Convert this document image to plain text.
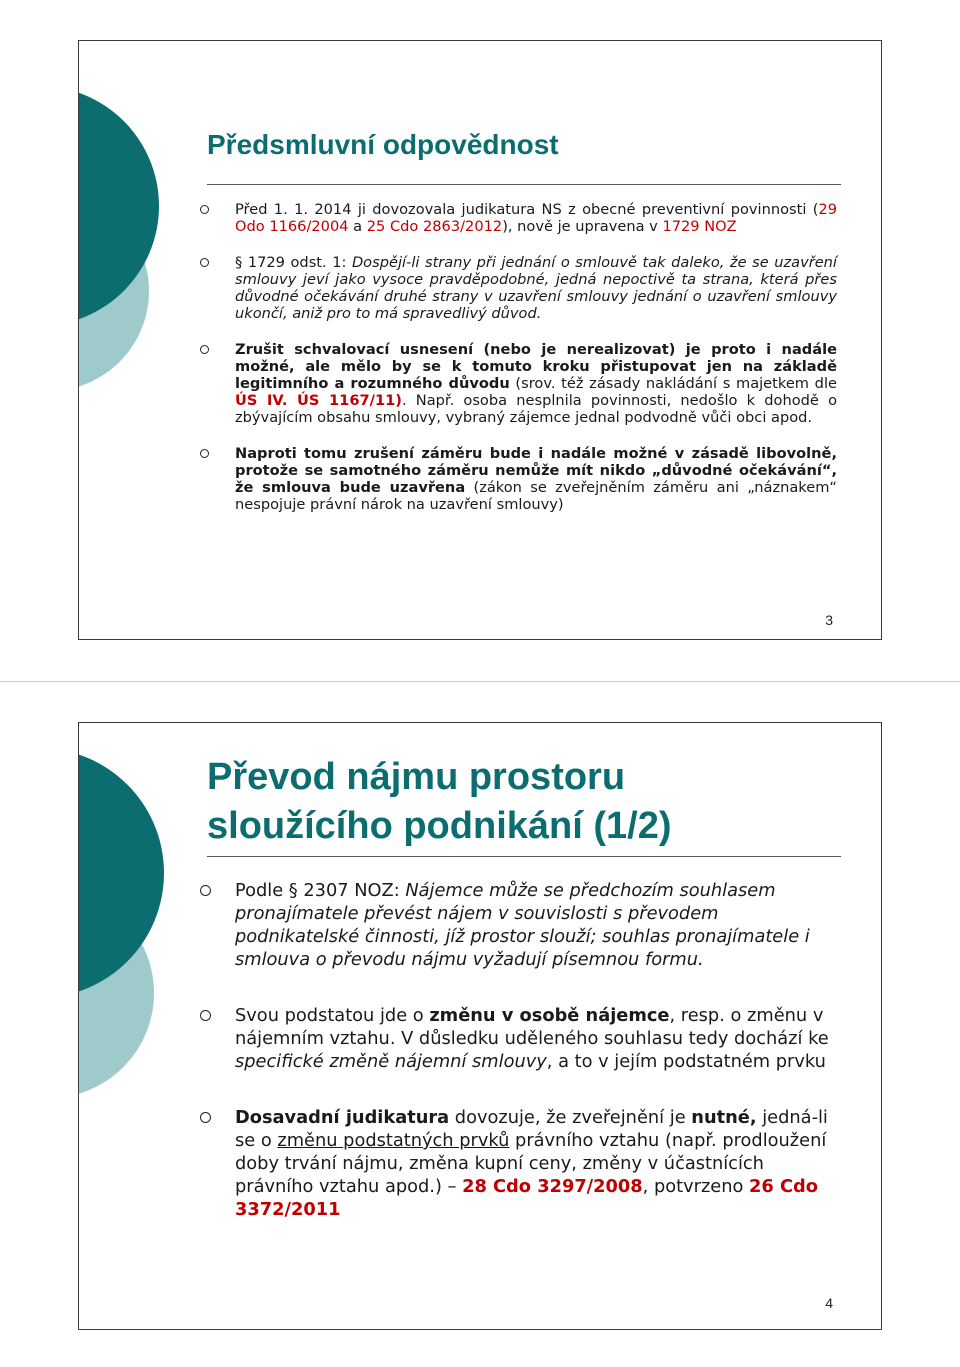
Předsmluvní odpovědnost
Před 1. 1. 2014 ji dovozovala judikatura NS z obecné preventivní povinnosti (29 Odo 1166/2004 a 25 Cdo 2863/2012), nově je upravena v 1729 NOZ
§ 1729 odst. 1: Dospějí-li strany při jednání o smlouvě tak daleko, že se uzavření smlouvy jeví jako vysoce pravděpodobné, jedná nepoctivě ta strana, která přes důvodné očekávání druhé strany v uzavření smlouvy jednání o uzavření smlouvy ukončí, aniž pro to má spravedlivý důvod.
Zrušit schvalovací usnesení (nebo je nerealizovat) je proto i nadále možné, ale mělo by se k tomuto kroku přistupovat jen na základě legitimního a rozumného důvodu (srov. též zásady nakládání s majetkem dle ÚS IV. ÚS 1167/11). Např. osoba nesplnila povinnosti, nedošlo k dohodě o zbývajícím obsahu smlouvy, vybraný zájemce jednal podvodně vůči obci apod.
Naproti tomu zrušení záměru bude i nadále možné v zásadě libovolně, protože se samotného záměru nemůže mít nikdo „důvodné očekávání“, že smlouva bude uzavřena (zákon se zveřejněním záměru ani „náznakem“ nespojuje právní nárok na uzavření smlouvy)
3
Převod nájmu prostoru sloužícího podnikání (1/2)
Podle § 2307 NOZ: Nájemce může se předchozím souhlasem pronajímatele převést nájem v souvislosti s převodem podnikatelské činnosti, jíž prostor slouží; souhlas pronajímatele i smlouva o převodu nájmu vyžadují písemnou formu.
Svou podstatou jde o změnu v osobě nájemce, resp. o změnu v nájemním vztahu. V důsledku uděleného souhlasu tedy dochází ke specifické změně nájemní smlouvy, a to v jejím podstatném prvku
Dosavadní judikatura dovozuje, že zveřejnění je nutné, jedná-li se o změnu podstatných prvků právního vztahu (např. prodloužení doby trvání nájmu, změna kupní ceny, změny v účastnících právního vztahu apod.) – 28 Cdo 3297/2008, potvrzeno 26 Cdo 3372/2011
4
